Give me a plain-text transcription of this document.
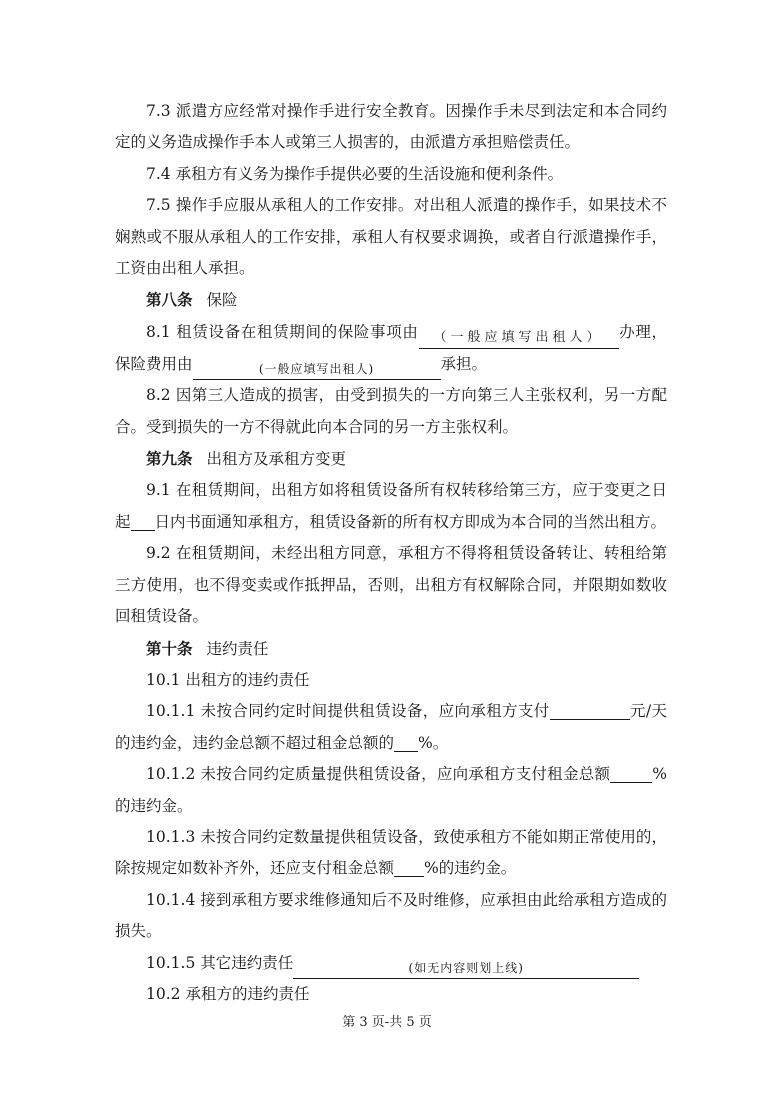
7.3 派遣方应经常对操作手进行安全教育。因操作手未尽到法定和本合同约定的义务造成操作手本人或第三人损害的，由派遣方承担赔偿责任。

7.4 承租方有义务为操作手提供必要的生活设施和便利条件。

7.5 操作手应服从承租人的工作安排。对出租人派遣的操作手，如果技术不娴熟或不服从承租人的工作安排，承租人有权要求调换，或者自行派遣操作手，工资由出租人承担。

第八条 保险

8.1 租赁设备在租赁期间的保险事项由 （一般应填写出租人） 办理，保险费用由	(一般应填写出租人)	承担。

8.2 因第三人造成的损害，由受到损失的一方向第三人主张权利，另一方配合。受到损失的一方不得就此向本合同的另一方主张权利。

第九条 出租方及承租方变更

9.1 在租赁期间，出租方如将租赁设备所有权转移给第三方，应于变更之日起 日内书面通知承租方，租赁设备新的所有权方即成为本合同的当然出租方。

9.2 在租赁期间，未经出租方同意，承租方不得将租赁设备转让、转租给第三方使用，也不得变卖或作抵押品，否则，出租方有权解除合同，并限期如数收回租赁设备。

第十条 违约责任

10.1 出租方的违约责任

10.1.1 未按合同约定时间提供租赁设备，应向承租方支付	元/天的违约金，违约金总额不超过租金总额的 %。

10.1.2 未按合同约定质量提供租赁设备，应向承租方支付租金总额	%的违约金。

10.1.3 未按合同约定数量提供租赁设备，致使承租方不能如期正常使用的，除按规定如数补齐外，还应支付租金总额 %的违约金。

10.1.4 接到承租方要求维修通知后不及时维修，应承担由此给承租方造成的损失。

10.1.5 其它违约责任	(如无内容则划上线)

10.2 承租方的违约责任

第 3 页-共 5 页
